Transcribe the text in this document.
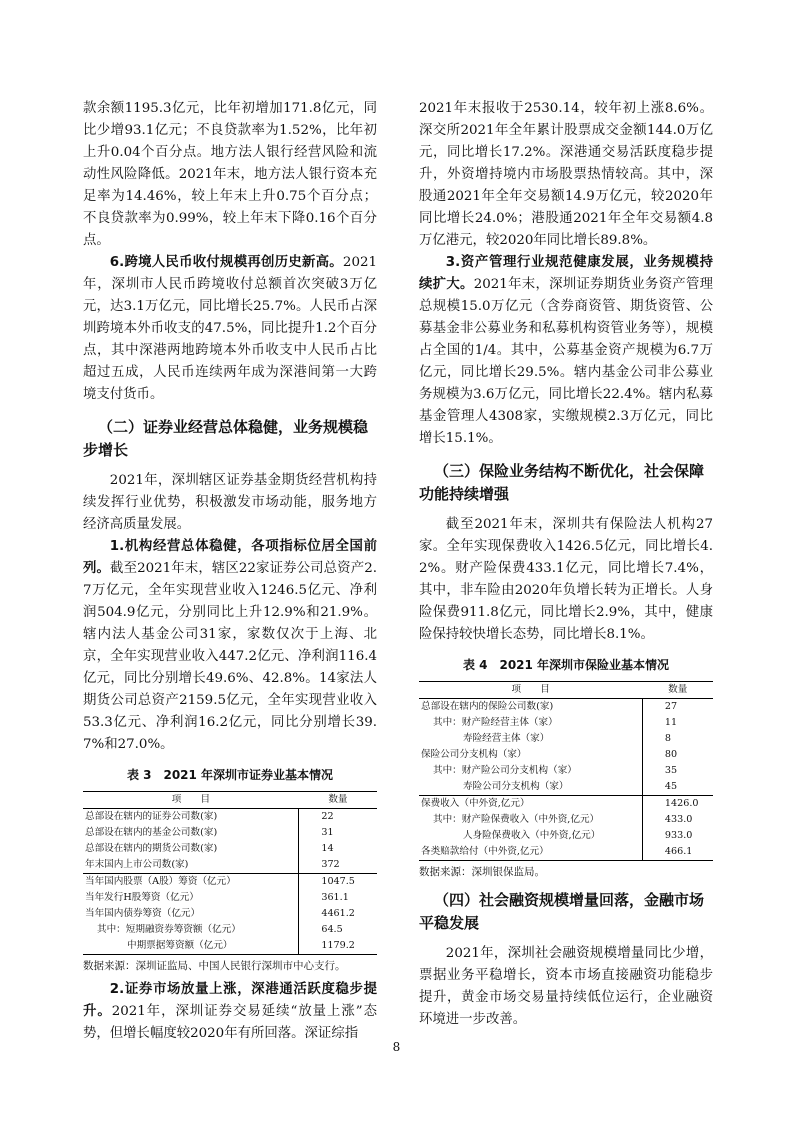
款余额1195.3亿元，比年初增加171.8亿元，同比少增93.1亿元；不良贷款率为1.52%，比年初上升0.04个百分点。地方法人银行经营风险和流动性风险降低。2021年末，地方法人银行资本充足率为14.46%，较上年末上升0.75个百分点；不良贷款率为0.99%，较上年末下降0.16个百分点。

6.跨境人民币收付规模再创历史新高。2021年，深圳市人民币跨境收付总额首次突破3万亿元，达3.1万亿元，同比增长25.7%。人民币占深圳跨境本外币收支的47.5%，同比提升1.2个百分点，其中深港两地跨境本外币收支中人民币占比超过五成，人民币连续两年成为深港间第一大跨境支付货币。

（二）证券业经营总体稳健，业务规模稳步增长

2021年，深圳辖区证券基金期货经营机构持续发挥行业优势，积极激发市场动能，服务地方经济高质量发展。

1.机构经营总体稳健，各项指标位居全国前列。截至2021年末，辖区22家证券公司总资产2.7万亿元，全年实现营业收入1246.5亿元、净利润504.9亿元，分别同比上升12.9%和21.9%。辖内法人基金公司31家，家数仅次于上海、北京，全年实现营业收入447.2亿元、净利润116.4亿元，同比分别增长49.6%、42.8%。14家法人期货公司总资产2159.5亿元，全年实现营业收入53.3亿元、净利润16.2亿元，同比分别增长39.7%和27.0%。

表 3　2021 年深圳市证券业基本情况
项　　目	数量
总部设在辖内的证券公司数(家)	22
总部设在辖内的基金公司数(家)	31
总部设在辖内的期货公司数(家)	14
年末国内上市公司数(家)	372
当年国内股票（A股）筹资（亿元）	1047.5
当年发行H股筹资（亿元）	361.1
当年国内债券筹资（亿元）	4461.2
其中：短期融资券筹资额（亿元）	64.5
中期票据筹资额（亿元）	1179.2
数据来源：深圳证监局、中国人民银行深圳市中心支行。

2.证券市场放量上涨，深港通活跃度稳步提升。2021年，深圳证券交易延续“放量上涨”态势，但增长幅度较2020年有所回落。深证综指

2021年末报收于2530.14，较年初上涨8.6%。深交所2021年全年累计股票成交金额144.0万亿元，同比增长17.2%。深港通交易活跃度稳步提升，外资增持境内市场股票热情较高。其中，深股通2021年全年交易额14.9万亿元，较2020年同比增长24.0%；港股通2021年全年交易额4.8万亿港元，较2020年同比增长89.8%。

3.资产管理行业规范健康发展，业务规模持续扩大。2021年末，深圳证券期货业务资产管理总规模15.0万亿元（含券商资管、期货资管、公募基金非公募业务和私募机构资管业务等），规模占全国的1/4。其中，公募基金资产规模为6.7万亿元，同比增长29.5%。辖内基金公司非公募业务规模为3.6万亿元，同比增长22.4%。辖内私募基金管理人4308家，实缴规模2.3万亿元，同比增长15.1%。

（三）保险业务结构不断优化，社会保障功能持续增强

截至2021年末，深圳共有保险法人机构27家。全年实现保费收入1426.5亿元，同比增长4.2%。财产险保费433.1亿元，同比增长7.4%，其中，非车险由2020年负增长转为正增长。人身险保费911.8亿元，同比增长2.9%，其中，健康险保持较快增长态势，同比增长8.1%。

表 4　2021 年深圳市保险业基本情况
项　　目	数量
总部设在辖内的保险公司数(家)	27
其中：财产险经营主体（家）	11
寿险经营主体（家）	8
保险公司分支机构（家）	80
其中：财产险公司分支机构（家）	35
寿险公司分支机构（家）	45
保费收入（中外资,亿元）	1426.0
其中：财产险保费收入（中外资,亿元）	433.0
人身险保费收入（中外资,亿元）	933.0
各类赔款给付（中外资,亿元）	466.1
数据来源：深圳银保监局。
（四）社会融资规模增量回落，金融市场平稳发展

2021年，深圳社会融资规模增量同比少增，票据业务平稳增长，资本市场直接融资功能稳步提升，黄金市场交易量持续低位运行，企业融资环境进一步改善。

8
